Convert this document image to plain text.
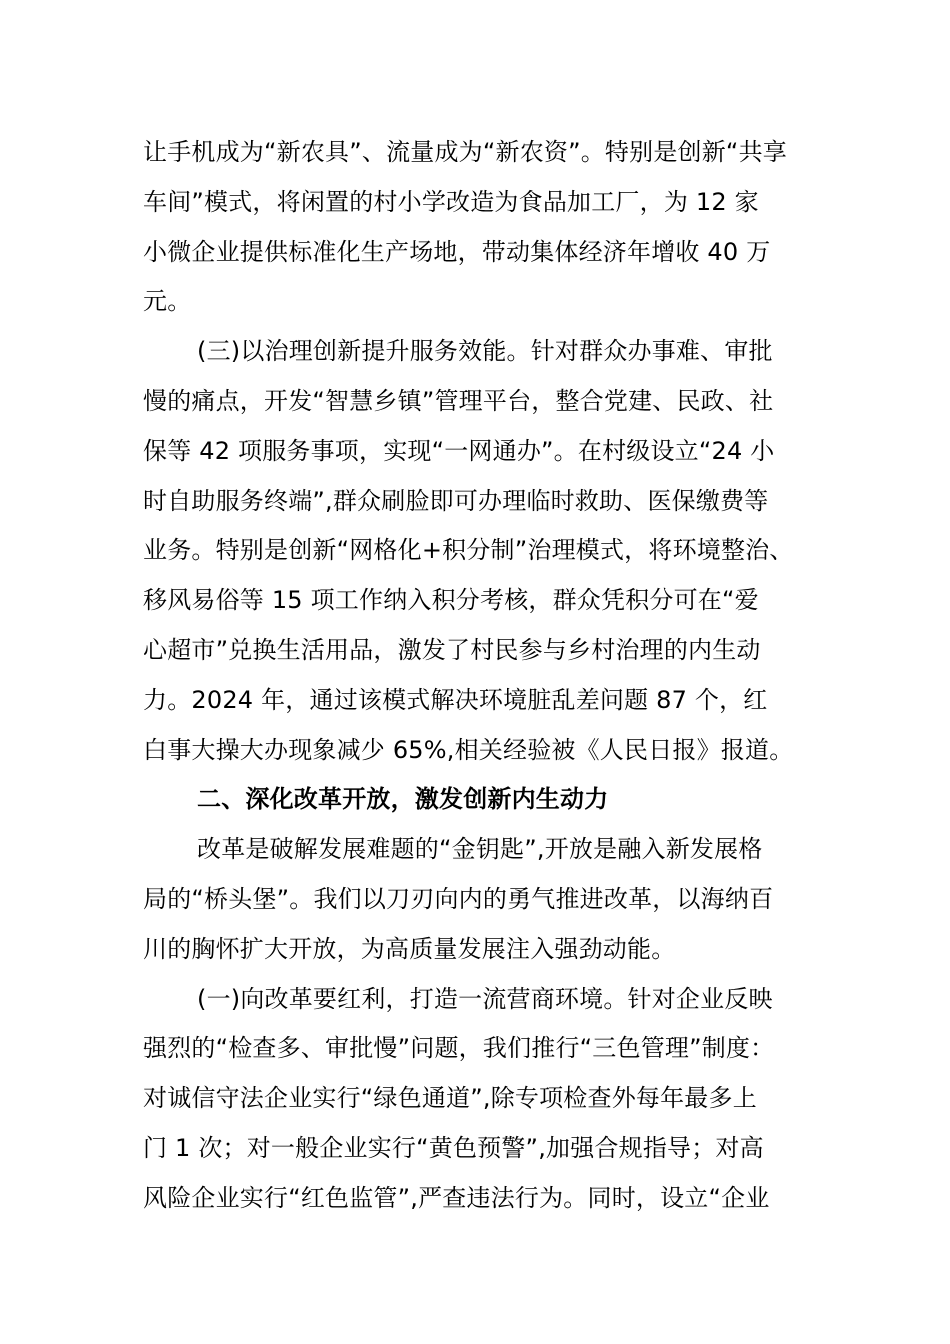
让手机成为“新农具”、流量成为“新农资”。特别是创新“共享
车间”模式，将闲置的村小学改造为食品加工厂，为 12 家
小微企业提供标准化生产场地，带动集体经济年增收 40 万
元。
(三)以治理创新提升服务效能。针对群众办事难、审批
慢的痛点，开发“智慧乡镇”管理平台，整合党建、民政、社
保等 42 项服务事项，实现“一网通办”。在村级设立“24 小
时自助服务终端”,群众刷脸即可办理临时救助、医保缴费等
业务。特别是创新“网格化+积分制”治理模式，将环境整治、
移风易俗等 15 项工作纳入积分考核，群众凭积分可在“爱
心超市”兑换生活用品，激发了村民参与乡村治理的内生动
力。2024 年，通过该模式解决环境脏乱差问题 87 个，红
白事大操大办现象减少 65%,相关经验被《人民日报》报道。
二、深化改革开放，激发创新内生动力
改革是破解发展难题的“金钥匙”,开放是融入新发展格
局的“桥头堡”。我们以刀刃向内的勇气推进改革，以海纳百
川的胸怀扩大开放，为高质量发展注入强劲动能。
(一)向改革要红利，打造一流营商环境。针对企业反映
强烈的“检查多、审批慢”问题，我们推行“三色管理”制度：
对诚信守法企业实行“绿色通道”,除专项检查外每年最多上
门 1 次；对一般企业实行“黄色预警”,加强合规指导；对高
风险企业实行“红色监管”,严查违法行为。同时，设立“企业
